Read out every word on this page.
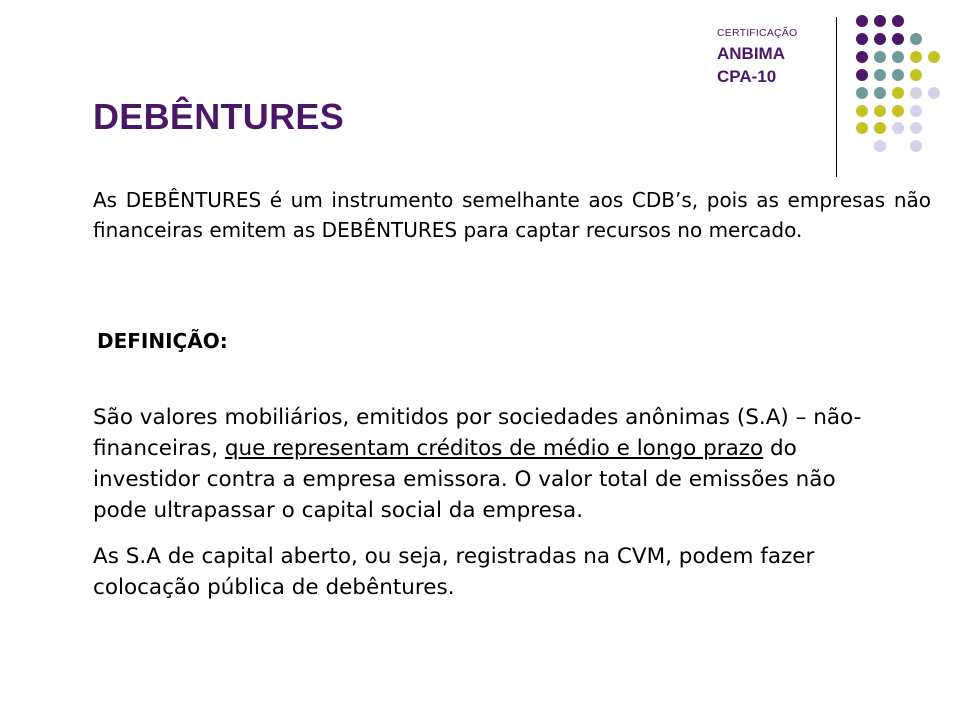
CERTIFICAÇÃO
ANBIMA
CPA-10
DEBÊNTURES

As DEBÊNTURES é um instrumento semelhante aos CDB’s, pois as empresas não financeiras emitem as DEBÊNTURES para captar recursos no mercado.

DEFINIÇÃO:

São valores mobiliários, emitidos por sociedades anônimas (S.A) – não-financeiras, que representam créditos de médio e longo prazo do investidor contra a empresa emissora. O valor total de emissões não pode ultrapassar o capital social da empresa.

As S.A de capital aberto, ou seja, registradas na CVM, podem fazer colocação pública de debêntures.
